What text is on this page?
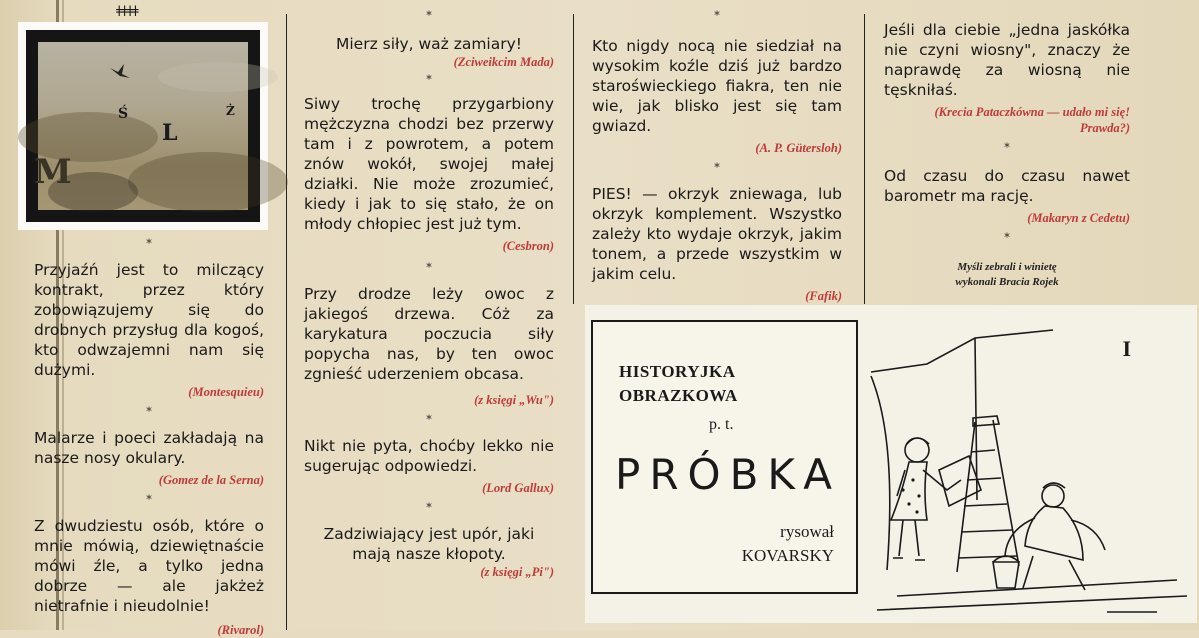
ǂǂǂǂ
Ś
L
Ż
M
*
Przyjaźń jest to milczący kontrakt, przez który zobowiązujemy się do drobnych przysług dla kogoś, kto odwzajemni nam się dużymi.
(Montesquieu)
*
Malarze i poeci zakładają na nasze nosy okulary.
(Gomez de la Serna)
*
Z dwudziestu osób, które o mnie mówią, dziewiętnaście mówi źle, a tylko jedna dobrze — ale jakżeż nietrafnie i nieudolnie!
(Rivarol)
*
Mierz siły, waż zamiary!
(Zciweikcim Mada)
*
Siwy trochę przygarbiony mężczyzna chodzi bez przerwy tam i z powrotem, a potem znów wokół, swojej małej działki. Nie może zrozumieć, kiedy i jak to się stało, że on młody chłopiec jest już tym.
(Cesbron)
*
Przy drodze leży owoc z jakiegoś drzewa. Cóż za karykatura poczucia siły popycha nas, by ten owoc zgnieść uderzeniem obcasa.
(z księgi „Wu")
*
Nikt nie pyta, choćby lekko nie sugerując odpowiedzi.
(Lord Gallux)
*
Zadziwiający jest upór, jaki mają nasze kłopoty.
(z księgi „Pi")
*
Kto nigdy nocą nie siedział na wysokim koźle dziś już bardzo staroświeckiego fiakra, ten nie wie, jak blisko jest się tam gwiazd.
(A. P. Gütersloh)
*
PIES! — okrzyk zniewaga, lub okrzyk komplement. Wszystko zależy kto wydaje okrzyk, jakim tonem, a przede wszystkim w jakim celu.
(Fafik)
Jeśli dla ciebie „jedna jaskółka nie czyni wiosny", znaczy że naprawdę za wiosną nie tęskniłaś.
(Krecia Pataczkówna — udało mi się! Prawda?)
*
Od czasu do czasu nawet barometr ma rację.
(Makaryn z Cedetu)
*
Myśli zebrali i winietę
wykonali Bracia Rojek
HISTORYJKA
OBRAZKOWA
p. t.
PRÓBKA
rysował
KOVARSKY
I
